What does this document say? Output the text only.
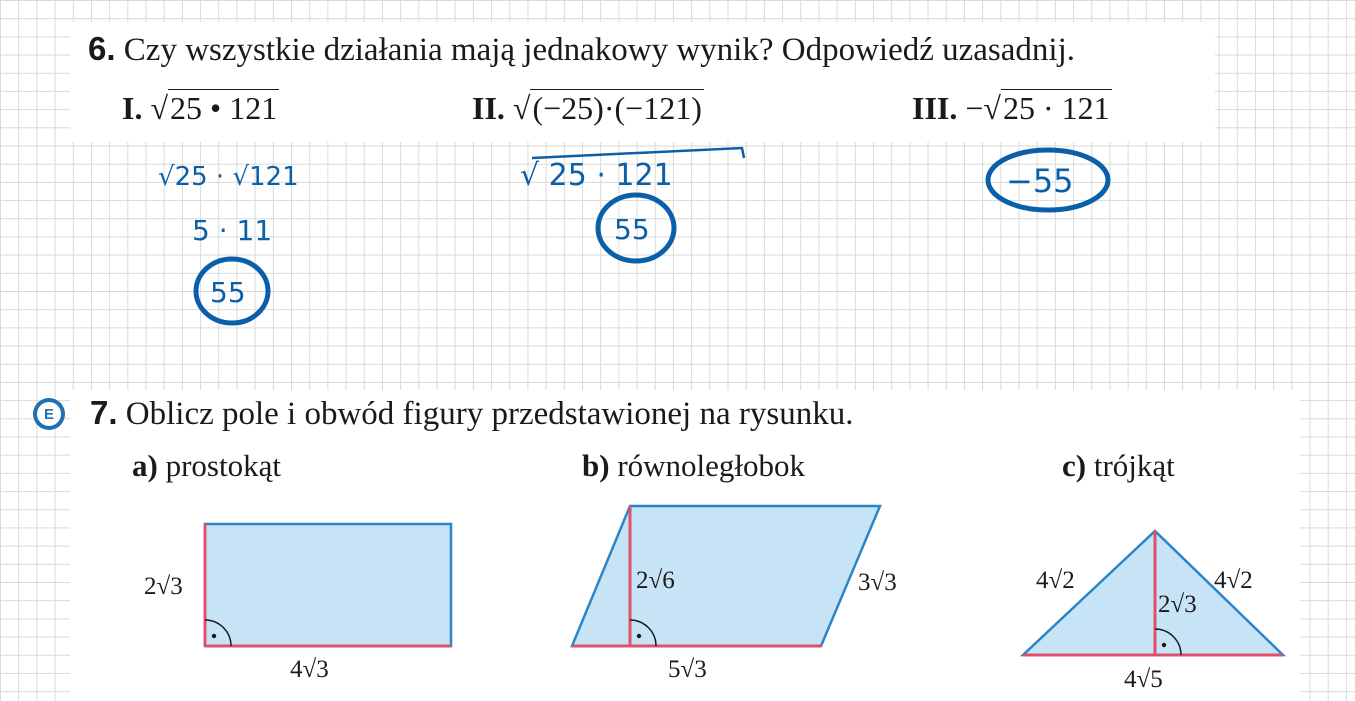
6. Czy wszystkie działania mają jednakowy wynik? Odpowiedź uzasadnij.
I. √25 • 121	II. √(−25)·(−121)	III. −√25 · 121
√25 · √121
5 · 11
55
√ 25 · 121
55
−55
E 7. Oblicz pole i obwód figury przedstawionej na rysunku.
a) prostokąt	b) równoległobok	c) trójkąt
2√3
4√3
2√6	3√3
5√3
4√2	4√2
2√3
4√5
